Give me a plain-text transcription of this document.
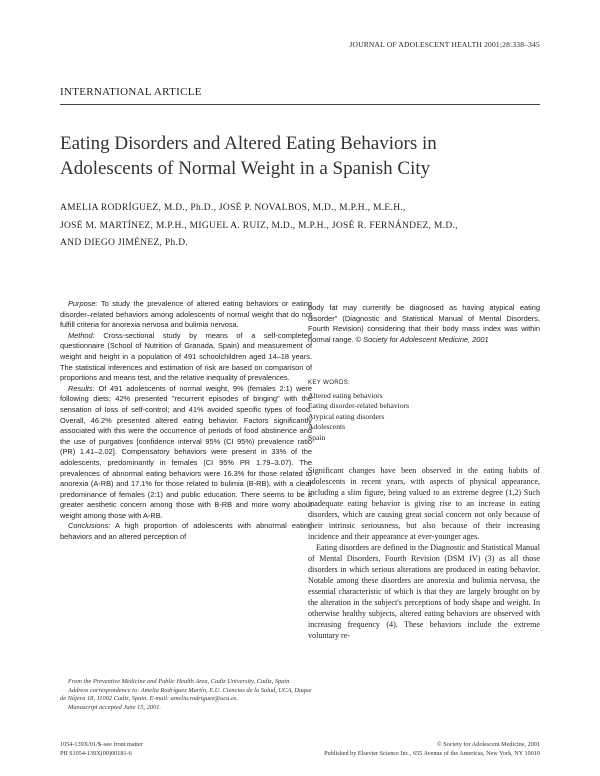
JOURNAL OF ADOLESCENT HEALTH 2001;28:338–345
INTERNATIONAL ARTICLE
Eating Disorders and Altered Eating Behaviors in
Adolescents of Normal Weight in a Spanish City
AMELIA RODRÍGUEZ, M.D., Ph.D., JOSÉ P. NOVALBOS, M.D., M.P.H., M.E.H.,
JOSÉ M. MARTÍNEZ, M.P.H., MIGUEL A. RUIZ, M.D., M.P.H., JOSÉ R. FERNÁNDEZ, M.D.,
AND DIEGO JIMÉNEZ, Ph.D.

Purpose: To study the prevalence of altered eating behaviors or eating disorder–related behaviors among adolescents of normal weight that do not fulfill criteria for anorexia nervosa and bulimia nervosa.

Method: Cross-sectional study by means of a self-completed questionnaire (School of Nutrition of Granada, Spain) and measurement of weight and height in a population of 491 schoolchildren aged 14–18 years. The statistical inferences and estimation of risk are based on comparison of proportions and means test, and the relative inequality of prevalences.

Results: Of 491 adolescents of normal weight, 9% (females 2:1) were following diets; 42% presented "recurrent episodes of binging" with the sensation of loss of self-control; and 41% avoided specific types of food. Overall, 46.2% presented altered eating behavior. Factors significantly associated with this were the occurrence of periods of food abstinence and the use of purgatives [confidence interval 95% (CI 95%) prevalence ratio (PR) 1.41–2.02]. Compensatory behaviors were present in 33% of the adolescents, predominantly in females (CI 95% PR 1.79–3.07). The prevalences of abnormal eating behaviors were 16.3% for those related to anorexia (A-RB) and 17.1% for those related to bulimia (B-RB), with a clear predominance of females (2:1) and public education. There seems to be a greater aesthetic concern among those with B-RB and more worry about weight among those with A-RB.

Conclusions: A high proportion of adolescents with abnormal eating behaviors and an altered perception of

body fat may currently be diagnosed as having atypical eating disorder" (Diagnostic and Statistical Manual of Mental Disorders, Fourth Revision) considering that their body mass index was within normal range. © Society for Adolescent Medicine, 2001

KEY WORDS:
Altered eating behaviors
Eating disorder-related behaviors
Atypical eating disorders
Adolescents
Spain

Significant changes have been observed in the eating habits of adolescents in recent years, with aspects of physical appearance, including a slim figure, being valued to an extreme degree (1,2) Such inadequate eating behavior is giving rise to an increase in eating disorders, which are causing great social concern not only because of their intrinsic seriousness, but also because of their increasing incidence and their appearance at ever-younger ages.

Eating disorders are defined in the Diagnostic and Statistical Manual of Mental Disorders, Fourth Revision (DSM IV) (3) as all those disorders in which serious alterations are produced in eating behavior. Notable among these disorders are anorexia and bulimia nervosa, the essential characteristic of which is that they are largely brought on by the alteration in the subject's perceptions of body shape and weight. In otherwise healthy subjects, altered eating behaviors are observed with increasing frequency (4). These behaviors include the extreme voluntary re-

From the Preventive Medicine and Public Health Area, Cadiz University, Cadiz, Spain.

Address correspondence to: Amelia Rodríguez Martín, E.U. Ciencias de la Salud, UCA, Duque de Nájera 18, 11002 Cadiz, Spain. E-mail: amelia.rodriguez@uca.es.

Manuscript accepted June 15, 2001.

1054-139X/01/$–see front matter
PII S1054-139X(00)00181-6
© Society for Adolescent Medicine, 2001
Published by Elsevier Science Inc., 655 Avenue of the Americas, New York, NY 10010
